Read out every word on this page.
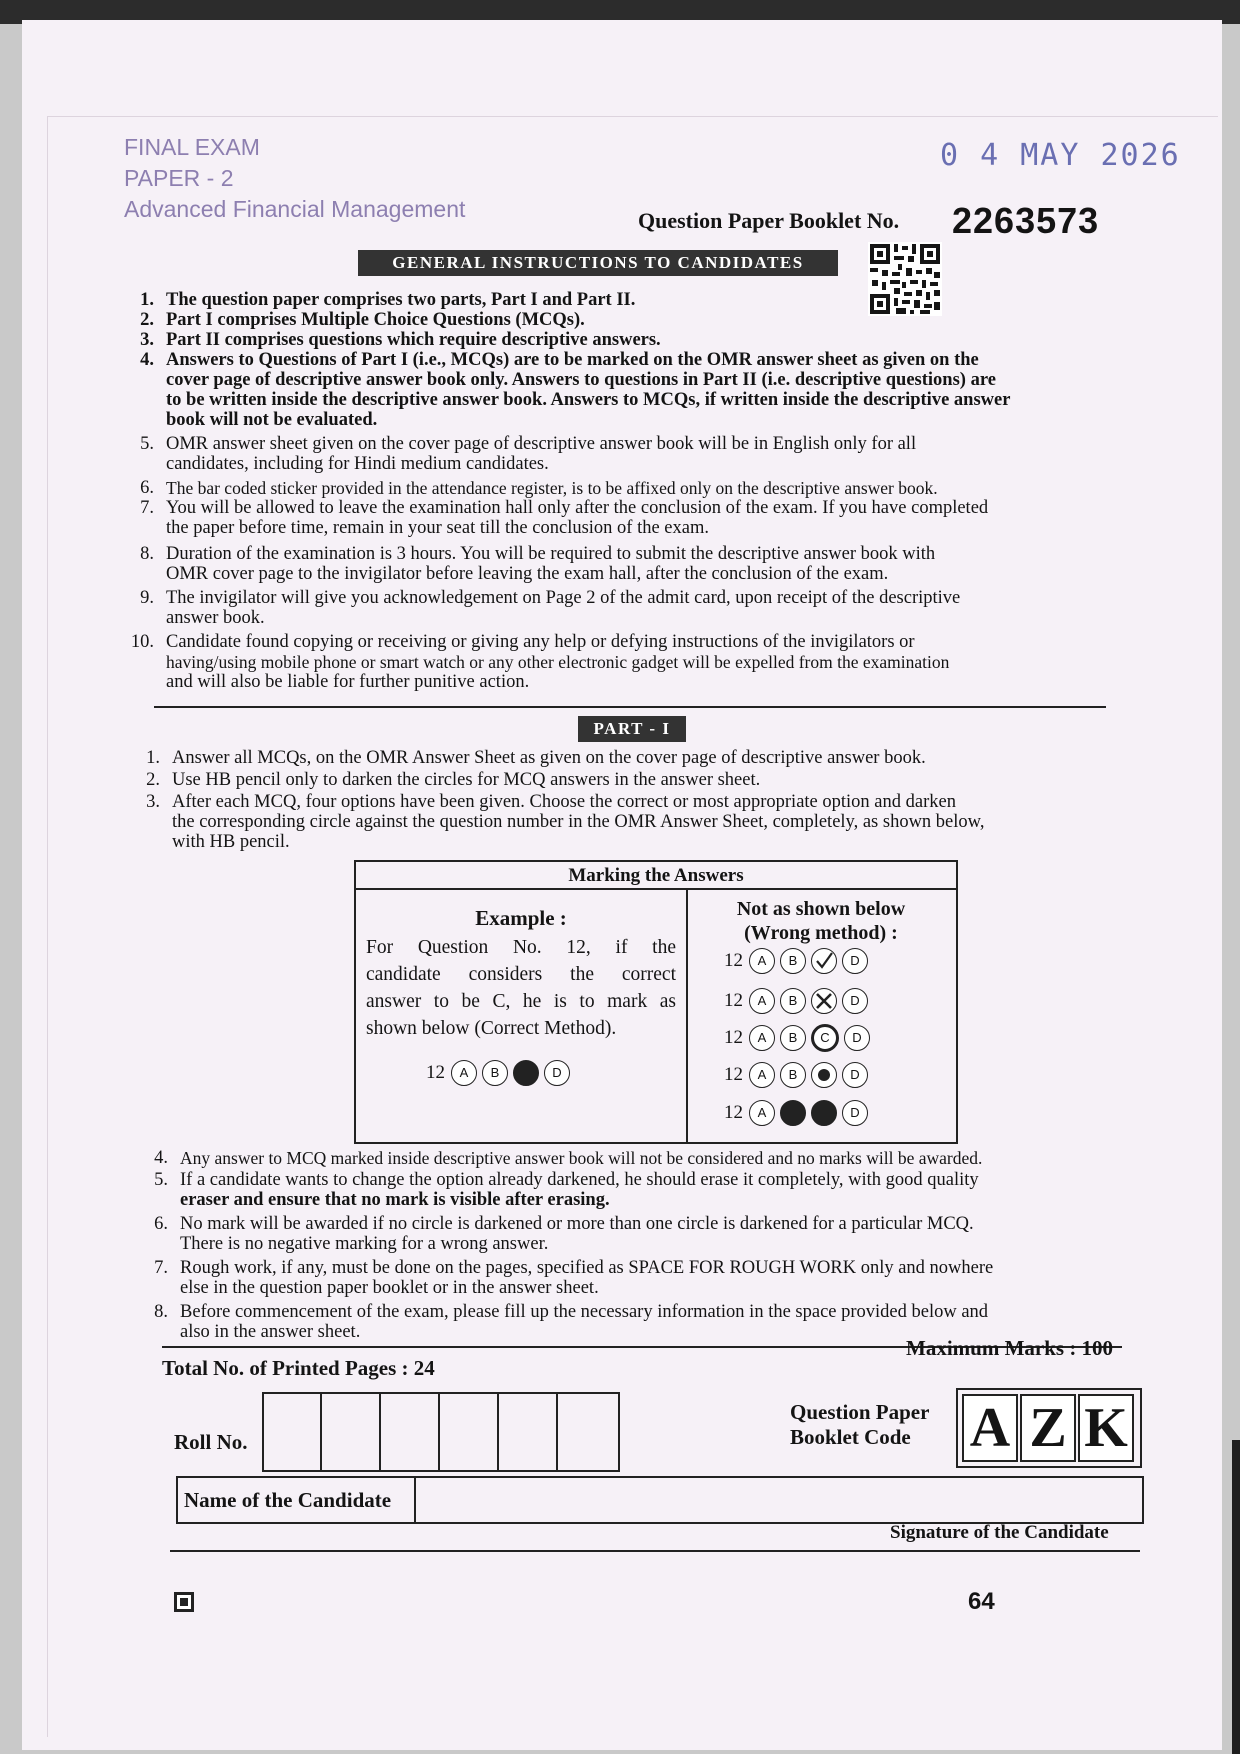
FINAL EXAM
PAPER - 2
Advanced Financial Management
0 4 MAY 2026
Question Paper Booklet No. 2263573
GENERAL INSTRUCTIONS TO CANDIDATES
1. The question paper comprises two parts, Part I and Part II.
2. Part I comprises Multiple Choice Questions (MCQs).
3. Part II comprises questions which require descriptive answers.
4. Answers to Questions of Part I (i.e., MCQs) are to be marked on the OMR answer sheet as given on the
cover page of descriptive answer book only. Answers to questions in Part II (i.e. descriptive questions) are
to be written inside the descriptive answer book. Answers to MCQs, if written inside the descriptive answer
book will not be evaluated.
5. OMR answer sheet given on the cover page of descriptive answer book will be in English only for all
candidates, including for Hindi medium candidates.
6. The bar coded sticker provided in the attendance register, is to be affixed only on the descriptive answer book.
7. You will be allowed to leave the examination hall only after the conclusion of the exam. If you have completed
the paper before time, remain in your seat till the conclusion of the exam.
8. Duration of the examination is 3 hours. You will be required to submit the descriptive answer book with
OMR cover page to the invigilator before leaving the exam hall, after the conclusion of the exam.
9. The invigilator will give you acknowledgement on Page 2 of the admit card, upon receipt of the descriptive
answer book.
10. Candidate found copying or receiving or giving any help or defying instructions of the invigilators or
having/using mobile phone or smart watch or any other electronic gadget will be expelled from the examination
and will also be liable for further punitive action.
PART - I
1. Answer all MCQs, on the OMR Answer Sheet as given on the cover page of descriptive answer book.
2. Use HB pencil only to darken the circles for MCQ answers in the answer sheet.
3. After each MCQ, four options have been given. Choose the correct or most appropriate option and darken
the corresponding circle against the question number in the OMR Answer Sheet, completely, as shown below,
with HB pencil.
Marking the Answers
Example :
For Question No. 12, if the
candidate considers the correct
answer to be C, he is to mark as
shown below (Correct Method).
12 A B	D
Not as shown below
(Wrong method) :
12 A B	D
12 A B	D
12 A B C D
12 A B	D
12 A	D
4. Any answer to MCQ marked inside descriptive answer book will not be considered and no marks will be awarded.
5. If a candidate wants to change the option already darkened, he should erase it completely, with good quality
eraser and ensure that no mark is visible after erasing.
6. No mark will be awarded if no circle is darkened or more than one circle is darkened for a particular MCQ.
There is no negative marking for a wrong answer.
7. Rough work, if any, must be done on the pages, specified as SPACE FOR ROUGH WORK only and nowhere
else in the question paper booklet or in the answer sheet.
8. Before commencement of the exam, please fill up the necessary information in the space provided below and
also in the answer sheet.
Total No. of Printed Pages : 24
Maximum Marks : 100
Roll No.
Question Paper
Booklet Code	A Z K
Name of the Candidate
Signature of the Candidate
64
